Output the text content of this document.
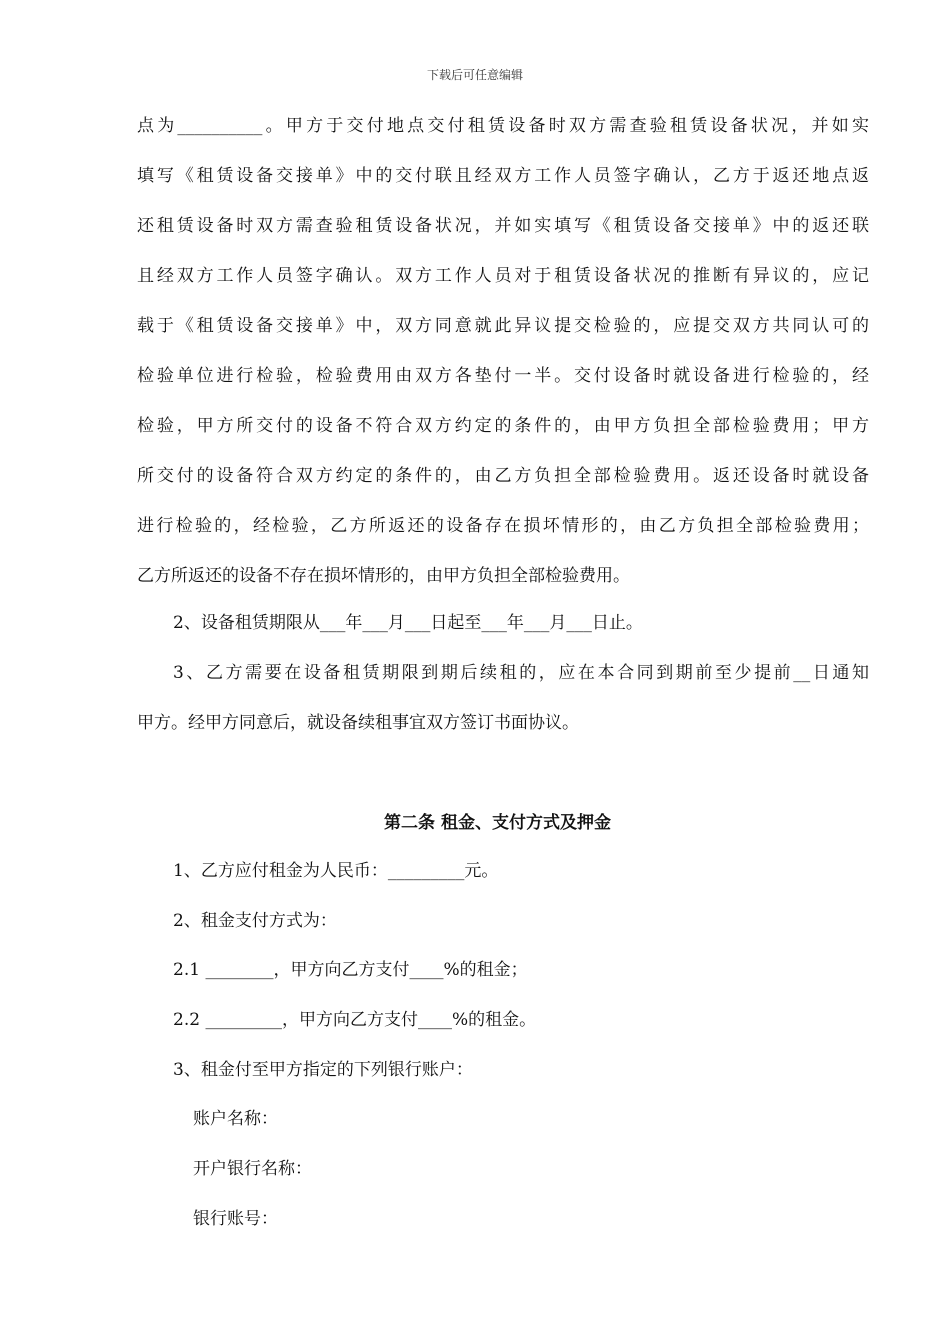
下载后可任意编辑
点为__________。甲方于交付地点交付租赁设备时双方需查验租赁设备状况，并如实
填写《租赁设备交接单》中的交付联且经双方工作人员签字确认，乙方于返还地点返
还租赁设备时双方需查验租赁设备状况，并如实填写《租赁设备交接单》中的返还联
且经双方工作人员签字确认。双方工作人员对于租赁设备状况的推断有异议的，应记
载于《租赁设备交接单》中，双方同意就此异议提交检验的，应提交双方共同认可的
检验单位进行检验，检验费用由双方各垫付一半。交付设备时就设备进行检验的，经
检验，甲方所交付的设备不符合双方约定的条件的，由甲方负担全部检验费用；甲方
所交付的设备符合双方约定的条件的，由乙方负担全部检验费用。返还设备时就设备
进行检验的，经检验，乙方所返还的设备存在损坏情形的，由乙方负担全部检验费用；
乙方所返还的设备不存在损坏情形的，由甲方负担全部检验费用。

2、设备租赁期限从___年___月___日起至___年___月___日止。

3、乙方需要在设备租赁期限到期后续租的，应在本合同到期前至少提前__日通知

甲方。经甲方同意后，就设备续租事宜双方签订书面协议。

第二条 租金、支付方式及押金

1、乙方应付租金为人民币：_________元。

2、租金支付方式为：

2.1 ________，甲方向乙方支付____%的租金；

2.2 _________，甲方向乙方支付____%的租金。

3、租金付至甲方指定的下列银行账户：

账户名称：

开户银行名称：

银行账号：
